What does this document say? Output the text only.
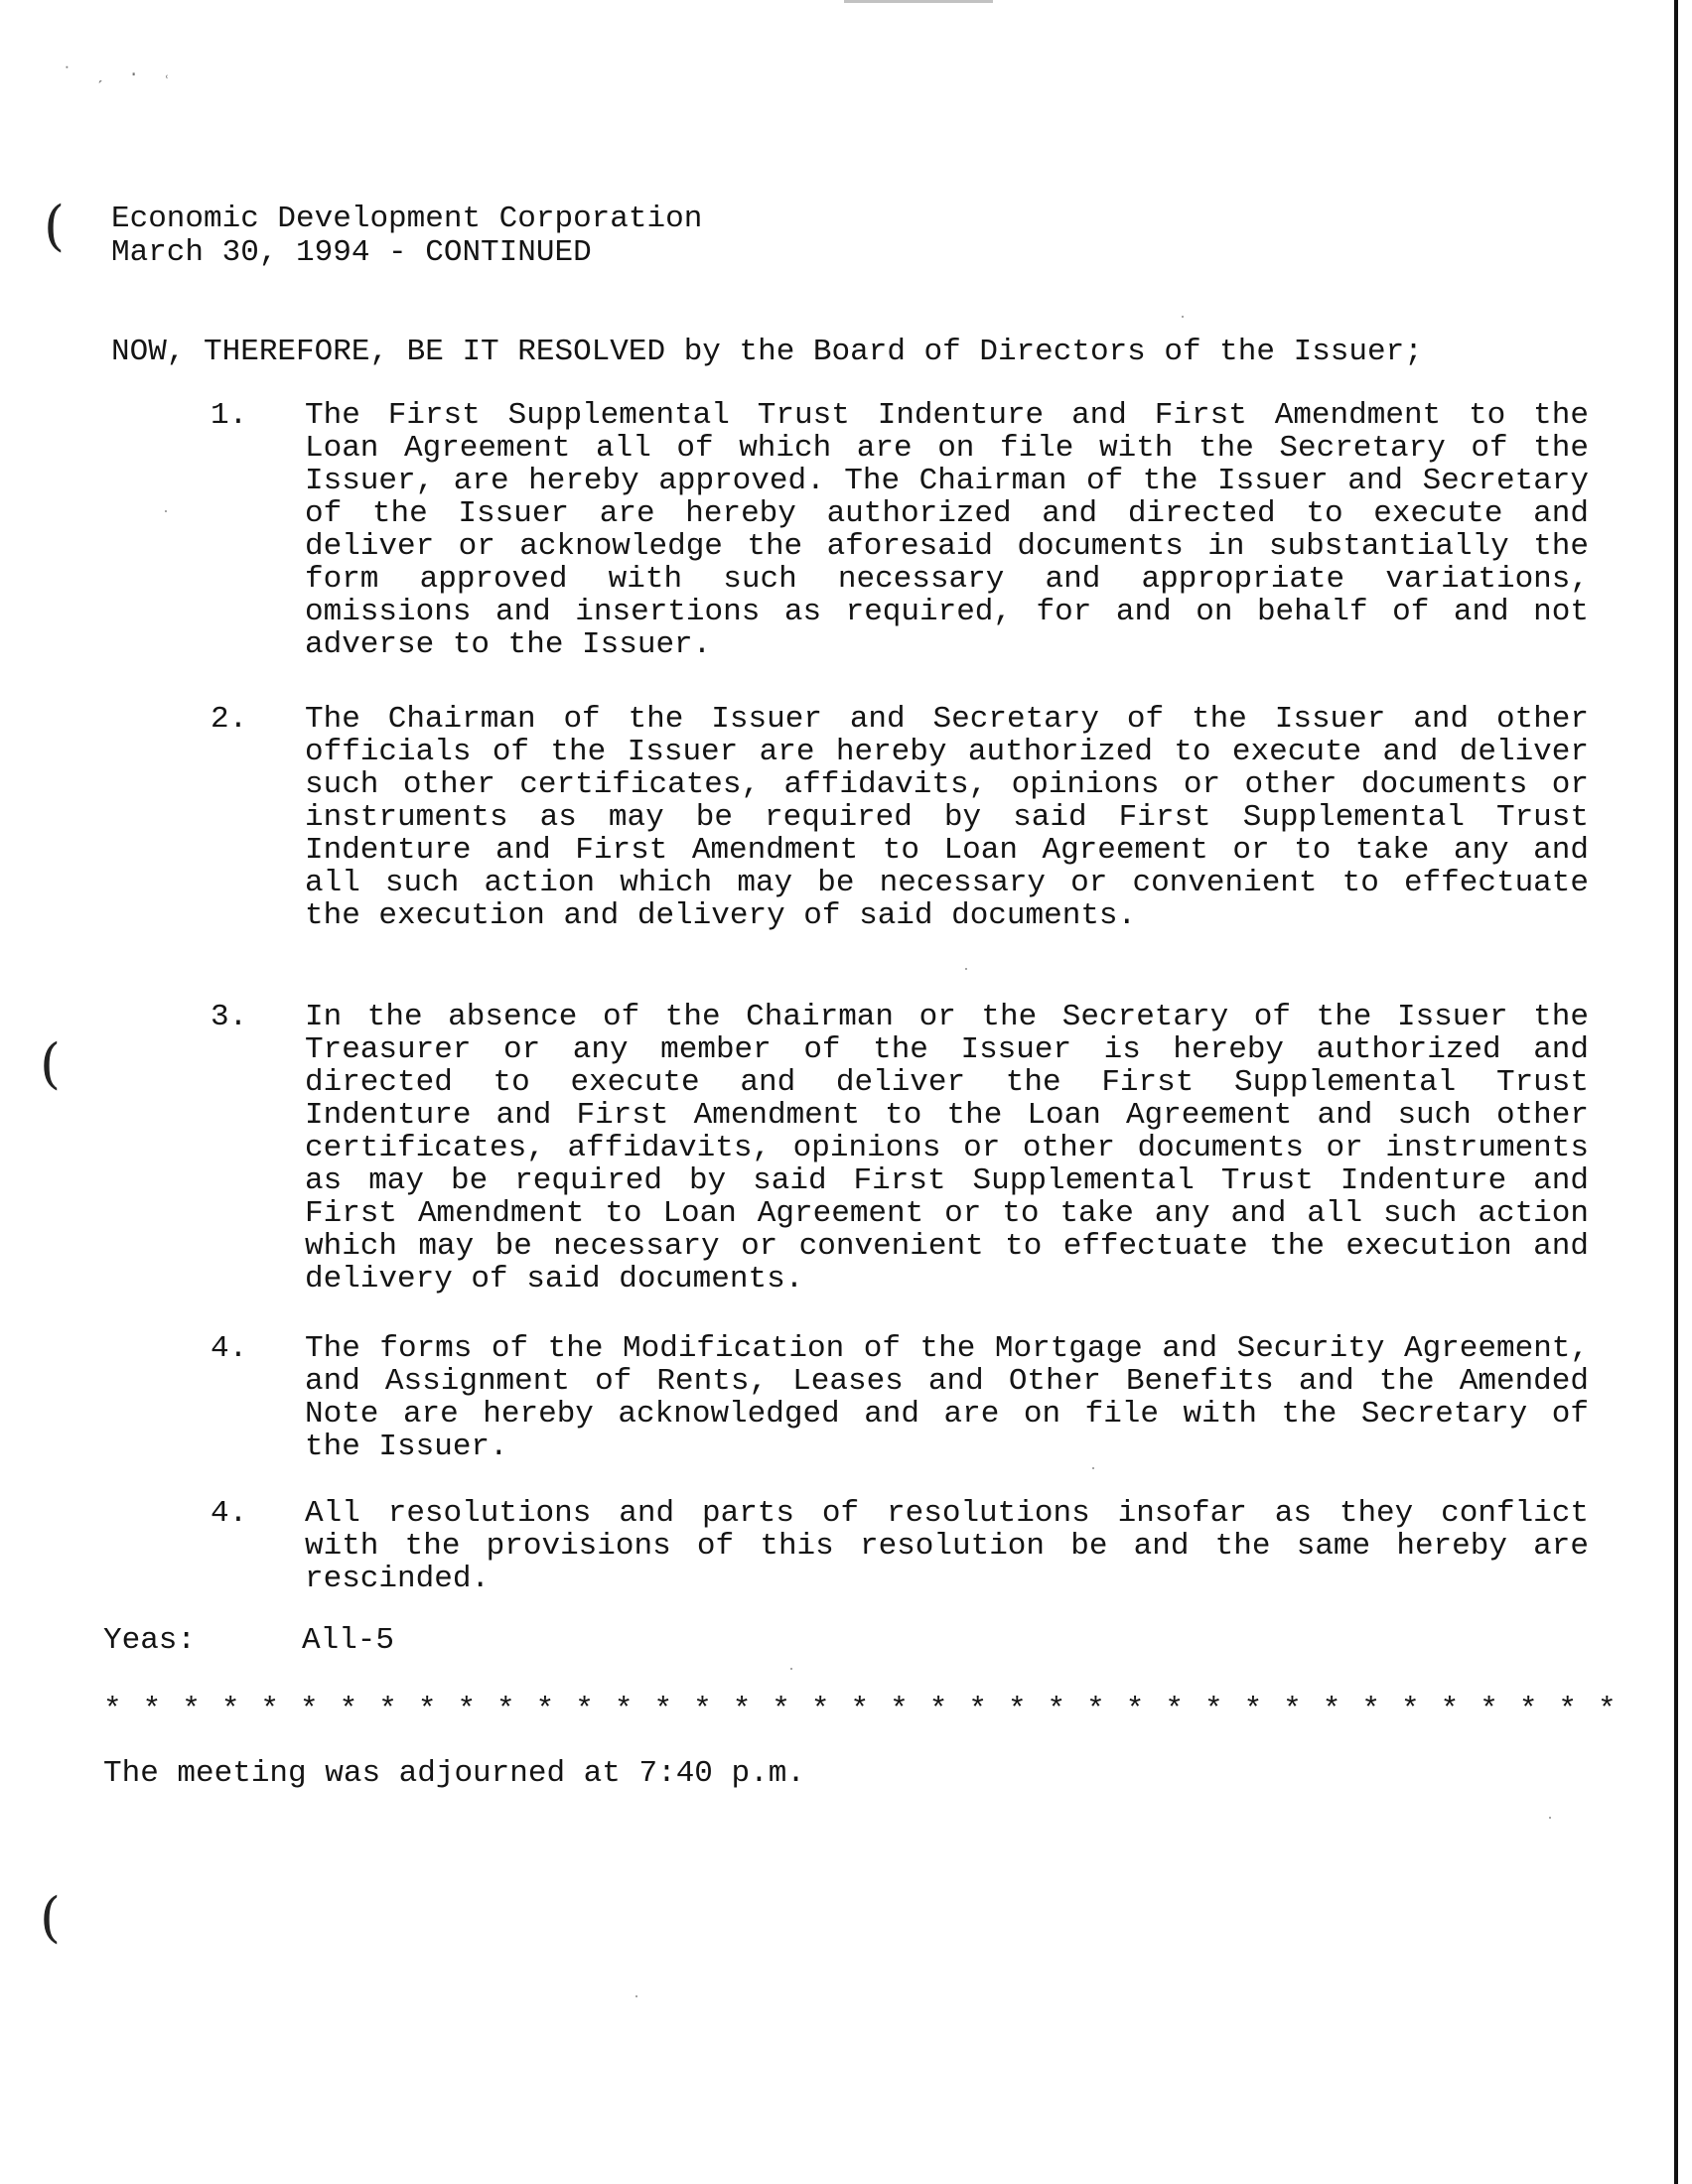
˙ ˏ · ˓
(
(
(
Economic Development Corporation
March 30, 1994 - CONTINUED
NOW, THEREFORE, BE IT RESOLVED by the Board of Directors of the Issuer;
1. The First Supplemental Trust Indenture and First Amendment to the Loan Agreement all of which are on file with the Secretary of the Issuer, are hereby approved. The Chairman of the Issuer and Secretary of the Issuer are hereby authorized and directed to execute and deliver or acknowledge the aforesaid documents in substantially the form approved with such necessary and appropriate variations, omissions and insertions as required, for and on behalf of and not adverse to the Issuer.
2. The Chairman of the Issuer and Secretary of the Issuer and other officials of the Issuer are hereby authorized to execute and deliver such other certificates, affidavits, opinions or other documents or instruments as may be required by said First Supplemental Trust Indenture and First Amendment to Loan Agreement or to take any and all such action which may be necessary or convenient to effectuate the execution and delivery of said documents.
3. In the absence of the Chairman or the Secretary of the Issuer the Treasurer or any member of the Issuer is hereby authorized and directed to execute and deliver the First Supplemental Trust Indenture and First Amendment to the Loan Agreement and such other certificates, affidavits, opinions or other documents or instruments as may be required by said First Supplemental Trust Indenture and First Amendment to Loan Agreement or to take any and all such action which may be necessary or convenient to effectuate the execution and delivery of said documents.
4. The forms of the Modification of the Mortgage and Security Agreement, and Assignment of Rents, Leases and Other Benefits and the Amended Note are hereby acknowledged and are on file with the Secretary of the Issuer.
4. All resolutions and parts of resolutions insofar as they conflict with the provisions of this resolution be and the same hereby are rescinded.
Yeas:	All-5
* * * * * * * * * * * * * * * * * * * * * * * * * * * * * * * * * * * * * * *
The meeting was adjourned at 7:40 p.m.
